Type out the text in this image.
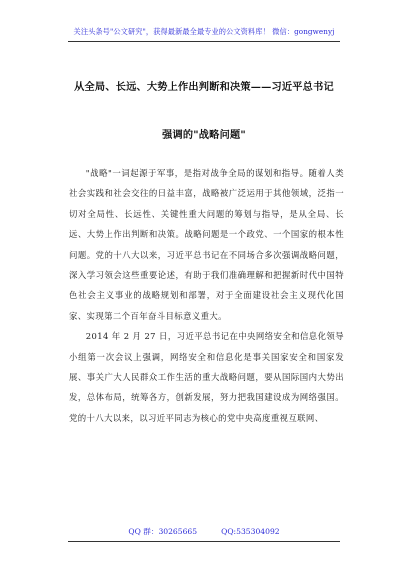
关注头条号"公文研究"，获得最新最全最专业的公文资料库！ 微信：gongwenyj
从全局、长远、大势上作出判断和决策——习近平总书记
强调的"战略问题"

"战略"一词起源于军事，是指对战争全局的谋划和指导。随着人类社会实践和社会交往的日益丰富，战略被广泛运用于其他领域，泛指一切对全局性、长远性、关键性重大问题的筹划与指导，是从全局、长远、大势上作出判断和决策。战略问题是一个政党、一个国家的根本性问题。党的十八大以来，习近平总书记在不同场合多次强调战略问题，深入学习领会这些重要论述，有助于我们准确理解和把握新时代中国特色社会主义事业的战略规划和部署，对于全面建设社会主义现代化国家、实现第二个百年奋斗目标意义重大。

2014 年 2 月 27 日，习近平总书记在中央网络安全和信息化领导小组第一次会议上强调，网络安全和信息化是事关国家安全和国家发展、事关广大人民群众工作生活的重大战略问题，要从国际国内大势出发，总体布局，统筹各方，创新发展，努力把我国建设成为网络强国。党的十八大以来，以习近平同志为核心的党中央高度重视互联网、

QQ 群：30265665	QQ:535304092
